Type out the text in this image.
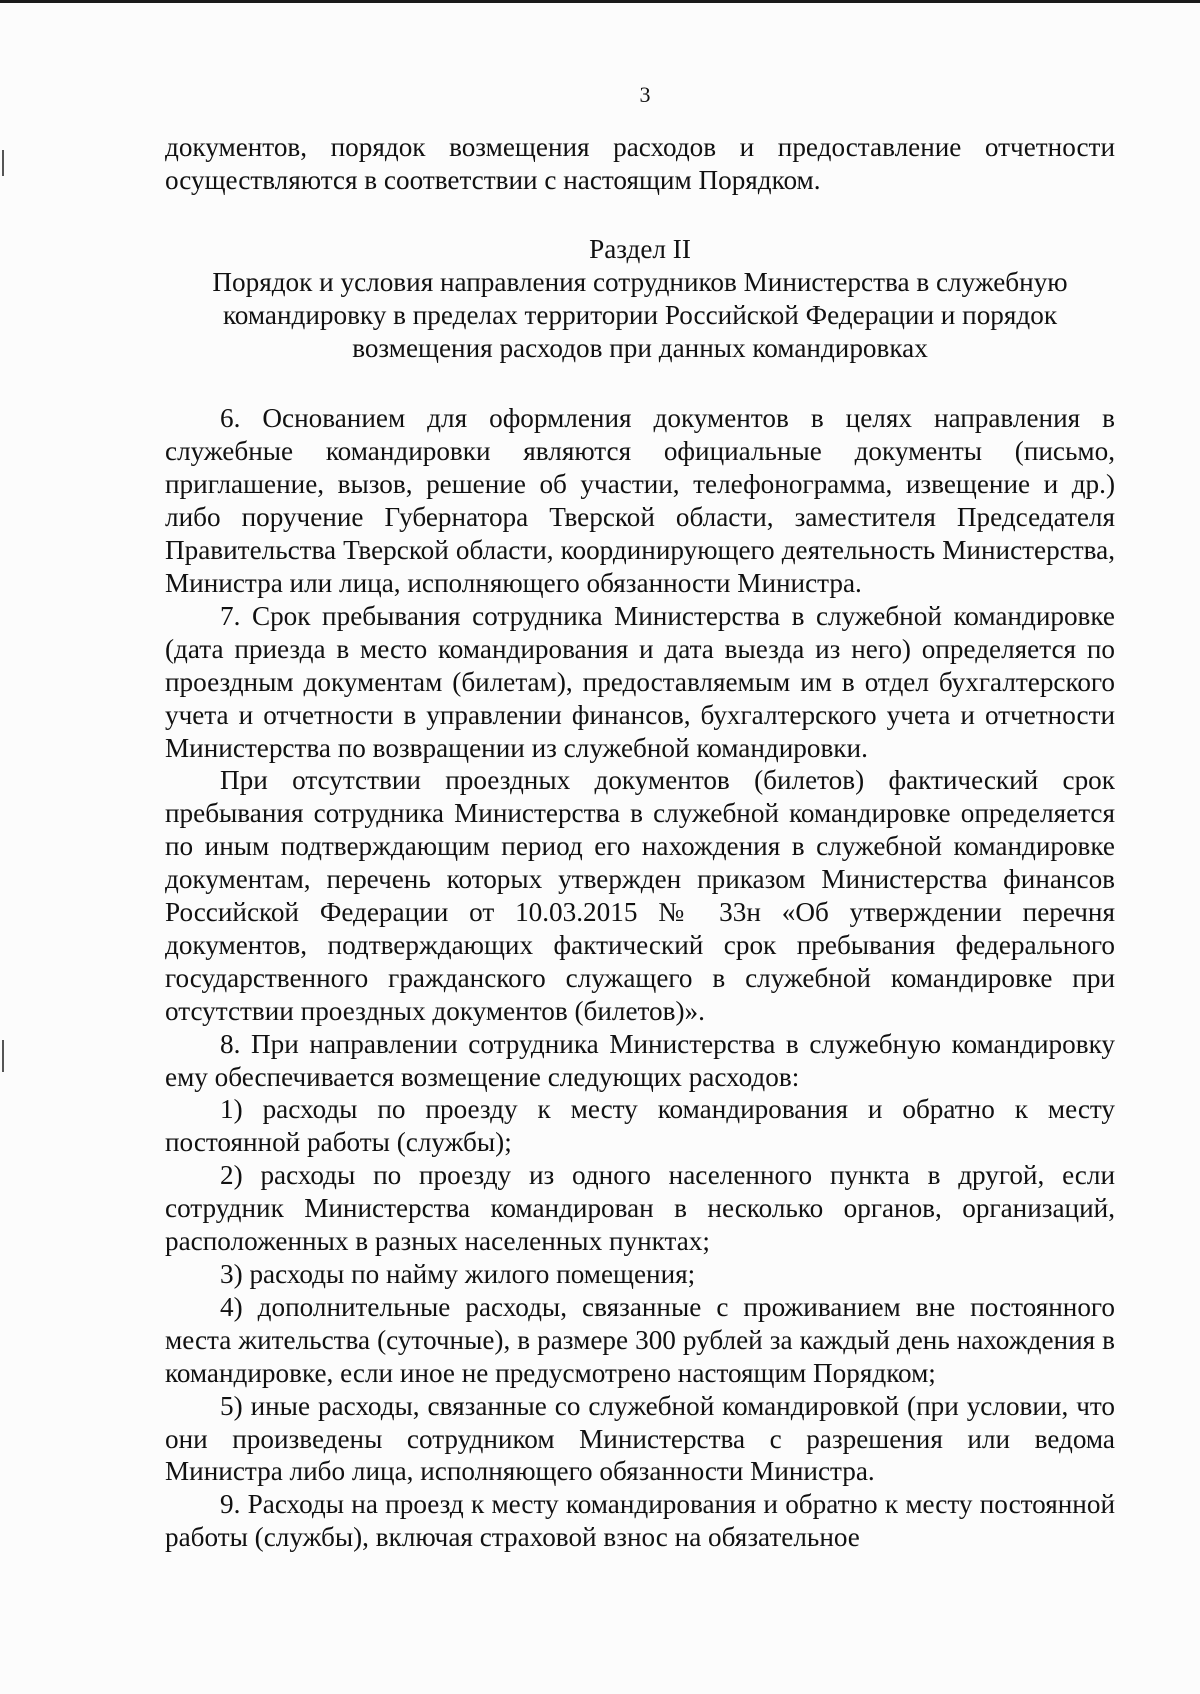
3

документов, порядок возмещения расходов и предоставление отчетности осуществляются в соответствии с настоящим Порядком.

Раздел II
Порядок и условия направления сотрудников Министерства в служебную
командировку в пределах территории Российской Федерации и порядок
возмещения расходов при данных командировках

6. Основанием для оформления документов в целях направления в служебные командировки являются официальные документы (письмо, приглашение, вызов, решение об участии, телефонограмма, извещение и др.) либо поручение Губернатора Тверской области, заместителя Председателя Правительства Тверской области, координирующего деятельность Министерства, Министра или лица, исполняющего обязанности Министра.

7. Срок пребывания сотрудника Министерства в служебной командировке (дата приезда в место командирования и дата выезда из него) определяется по проездным документам (билетам), предоставляемым им в отдел бухгалтерского учета и отчетности в управлении финансов, бухгалтерского учета и отчетности Министерства по возвращении из служебной командировки.

При отсутствии проездных документов (билетов) фактический срок пребывания сотрудника Министерства в служебной командировке определяется по иным подтверждающим период его нахождения в служебной командировке документам, перечень которых утвержден приказом Министерства финансов Российской Федерации от 10.03.2015 № 33н «Об утверждении перечня документов, подтверждающих фактический срок пребывания федерального государственного гражданского служащего в служебной командировке при отсутствии проездных документов (билетов)».

8. При направлении сотрудника Министерства в служебную командировку ему обеспечивается возмещение следующих расходов:

1) расходы по проезду к месту командирования и обратно к месту постоянной работы (службы);

2) расходы по проезду из одного населенного пункта в другой, если сотрудник Министерства командирован в несколько органов, организаций, расположенных в разных населенных пунктах;

3) расходы по найму жилого помещения;

4) дополнительные расходы, связанные с проживанием вне постоянного места жительства (суточные), в размере 300 рублей за каждый день нахождения в командировке, если иное не предусмотрено настоящим Порядком;

5) иные расходы, связанные со служебной командировкой (при условии, что они произведены сотрудником Министерства с разрешения или ведома Министра либо лица, исполняющего обязанности Министра.

9. Расходы на проезд к месту командирования и обратно к месту постоянной работы (службы), включая страховой взнос на обязательное
